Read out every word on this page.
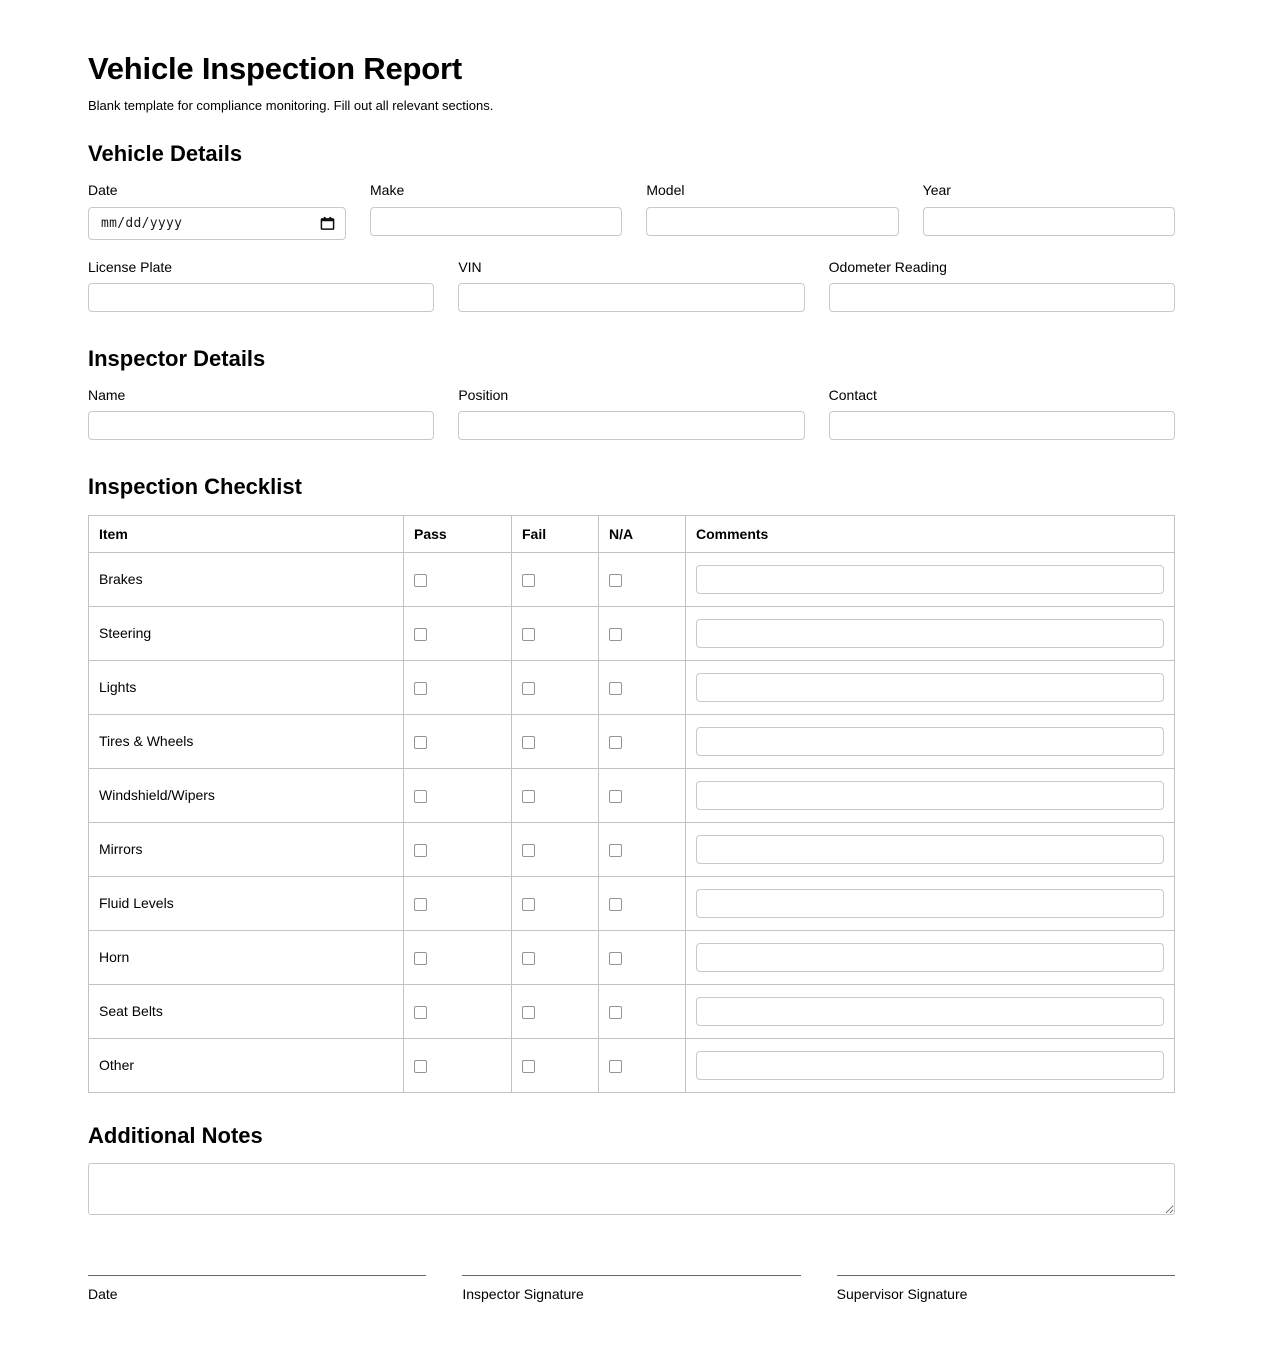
Vehicle Inspection Report

Blank template for compliance monitoring. Fill out all relevant sections.

Vehicle Details
Date
mm/dd/yyyy
Make	Model	Year
License Plate	VIN	Odometer Reading
Inspector Details
Name	Position	Contact
Inspection Checklist
Item	Pass	Fail	N/A	Comments
Brakes				
Steering				
Lights				
Tires & Wheels				
Windshield/Wipers				
Mirrors				
Fluid Levels				
Horn				
Seat Belts				
Other				
Additional Notes
Date	Inspector Signature	Supervisor Signature
